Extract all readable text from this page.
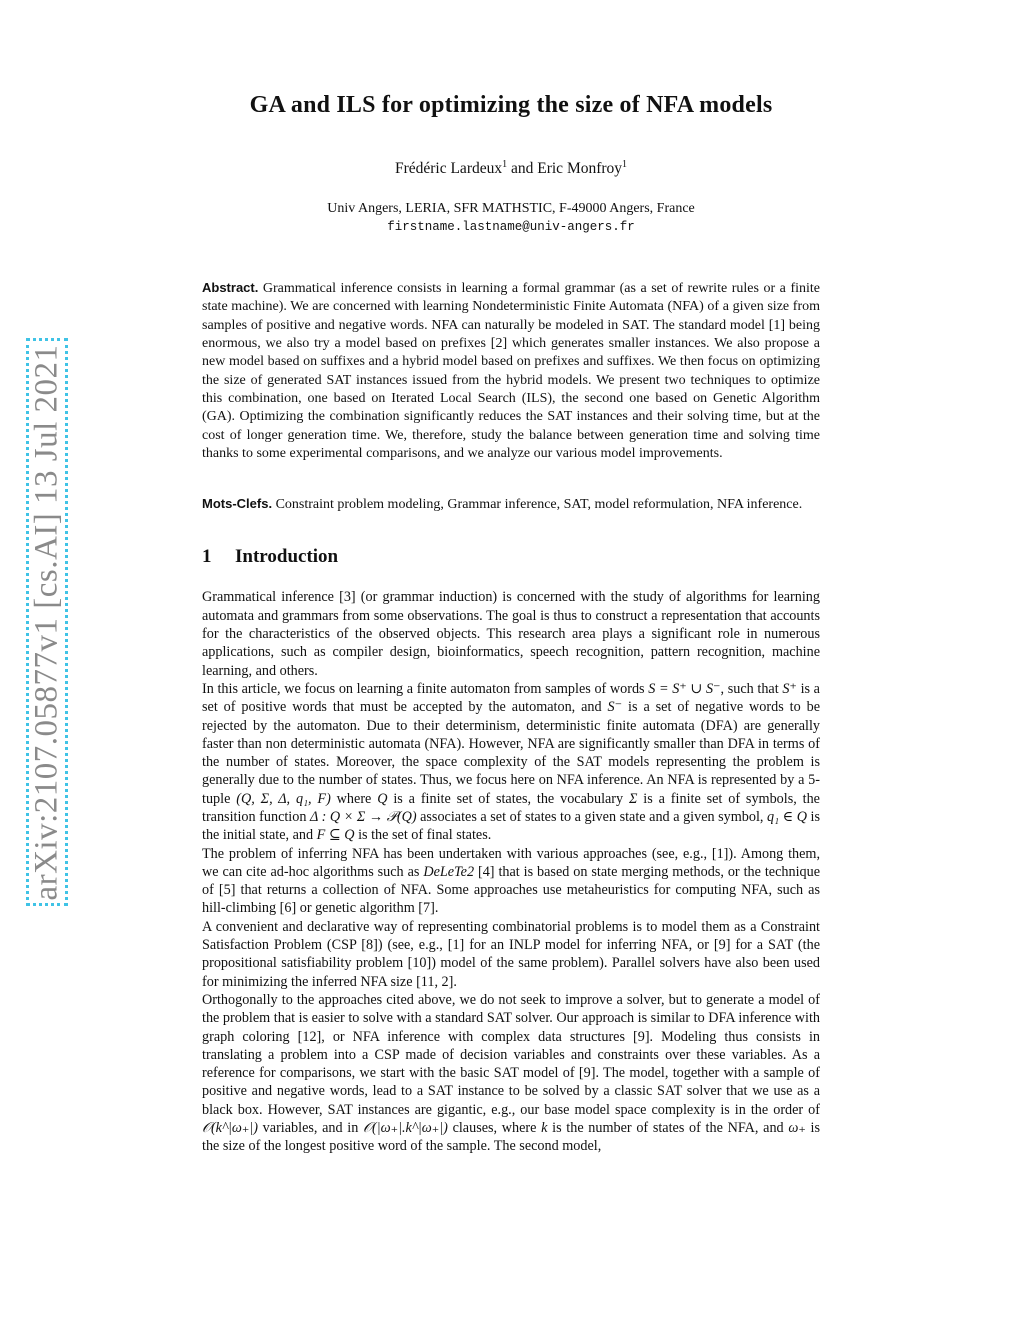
arXiv:2107.05877v1 [cs.AI] 13 Jul 2021
GA and ILS for optimizing the size of NFA models
Frédéric Lardeux$^1$ and Eric Monfroy$^1$
Univ Angers, LERIA, SFR MATHSTIC, F-49000 Angers, France
firstname.lastname@univ-angers.fr
Abstract. Grammatical inference consists in learning a formal grammar (as a set of rewrite rules or a finite state machine). We are concerned with learning Nondeterministic Finite Automata (NFA) of a given size from samples of positive and negative words. NFA can naturally be modeled in SAT. The standard model [1] being enormous, we also try a model based on prefixes [2] which generates smaller instances. We also propose a new model based on suffixes and a hybrid model based on prefixes and suffixes. We then focus on optimizing the size of generated SAT instances issued from the hybrid models. We present two techniques to optimize this combination, one based on Iterated Local Search (ILS), the second one based on Genetic Algorithm (GA). Optimizing the combination significantly reduces the SAT instances and their solving time, but at the cost of longer generation time. We, therefore, study the balance between generation time and solving time thanks to some experimental comparisons, and we analyze our various model improvements.
Mots-Clefs. Constraint problem modeling, Grammar inference, SAT, model reformulation, NFA inference.
1 Introduction

Grammatical inference [3] (or grammar induction) is concerned with the study of algorithms for learning automata and grammars from some observations. The goal is thus to construct a representation that accounts for the characteristics of the observed objects. This research area plays a significant role in numerous applications, such as compiler design, bioinformatics, speech recognition, pattern recognition, machine learning, and others.

In this article, we focus on learning a finite automaton from samples of words S = S⁺ ∪ S⁻, such that S⁺ is a set of positive words that must be accepted by the automaton, and S⁻ is a set of negative words to be rejected by the automaton. Due to their determinism, deterministic finite automata (DFA) are generally faster than non deterministic automata (NFA). However, NFA are significantly smaller than DFA in terms of the number of states. Moreover, the space complexity of the SAT models representing the problem is generally due to the number of states. Thus, we focus here on NFA inference. An NFA is represented by a 5-tuple (Q, Σ, Δ, q₁, F) where Q is a finite set of states, the vocabulary Σ is a finite set of symbols, the transition function Δ : Q × Σ → 𝒫(Q) associates a set of states to a given state and a given symbol, q₁ ∈ Q is the initial state, and F ⊆ Q is the set of final states.

The problem of inferring NFA has been undertaken with various approaches (see, e.g., [1]). Among them, we can cite ad-hoc algorithms such as DeLeTe2 [4] that is based on state merging methods, or the technique of [5] that returns a collection of NFA. Some approaches use metaheuristics for computing NFA, such as hill-climbing [6] or genetic algorithm [7].

A convenient and declarative way of representing combinatorial problems is to model them as a Constraint Satisfaction Problem (CSP [8]) (see, e.g., [1] for an INLP model for inferring NFA, or [9] for a SAT (the propositional satisfiability problem [10]) model of the same problem). Parallel solvers have also been used for minimizing the inferred NFA size [11, 2].

Orthogonally to the approaches cited above, we do not seek to improve a solver, but to generate a model of the problem that is easier to solve with a standard SAT solver. Our approach is similar to DFA inference with graph coloring [12], or NFA inference with complex data structures [9]. Modeling thus consists in translating a problem into a CSP made of decision variables and constraints over these variables. As a reference for comparisons, we start with the basic SAT model of [9]. The model, together with a sample of positive and negative words, lead to a SAT instance to be solved by a classic SAT solver that we use as a black box. However, SAT instances are gigantic, e.g., our base model space complexity is in the order of 𝒪(k^|ω₊|) variables, and in 𝒪(|ω₊|.k^|ω₊|) clauses, where k is the number of states of the NFA, and ω₊ is the size of the longest positive word of the sample. The second model,
